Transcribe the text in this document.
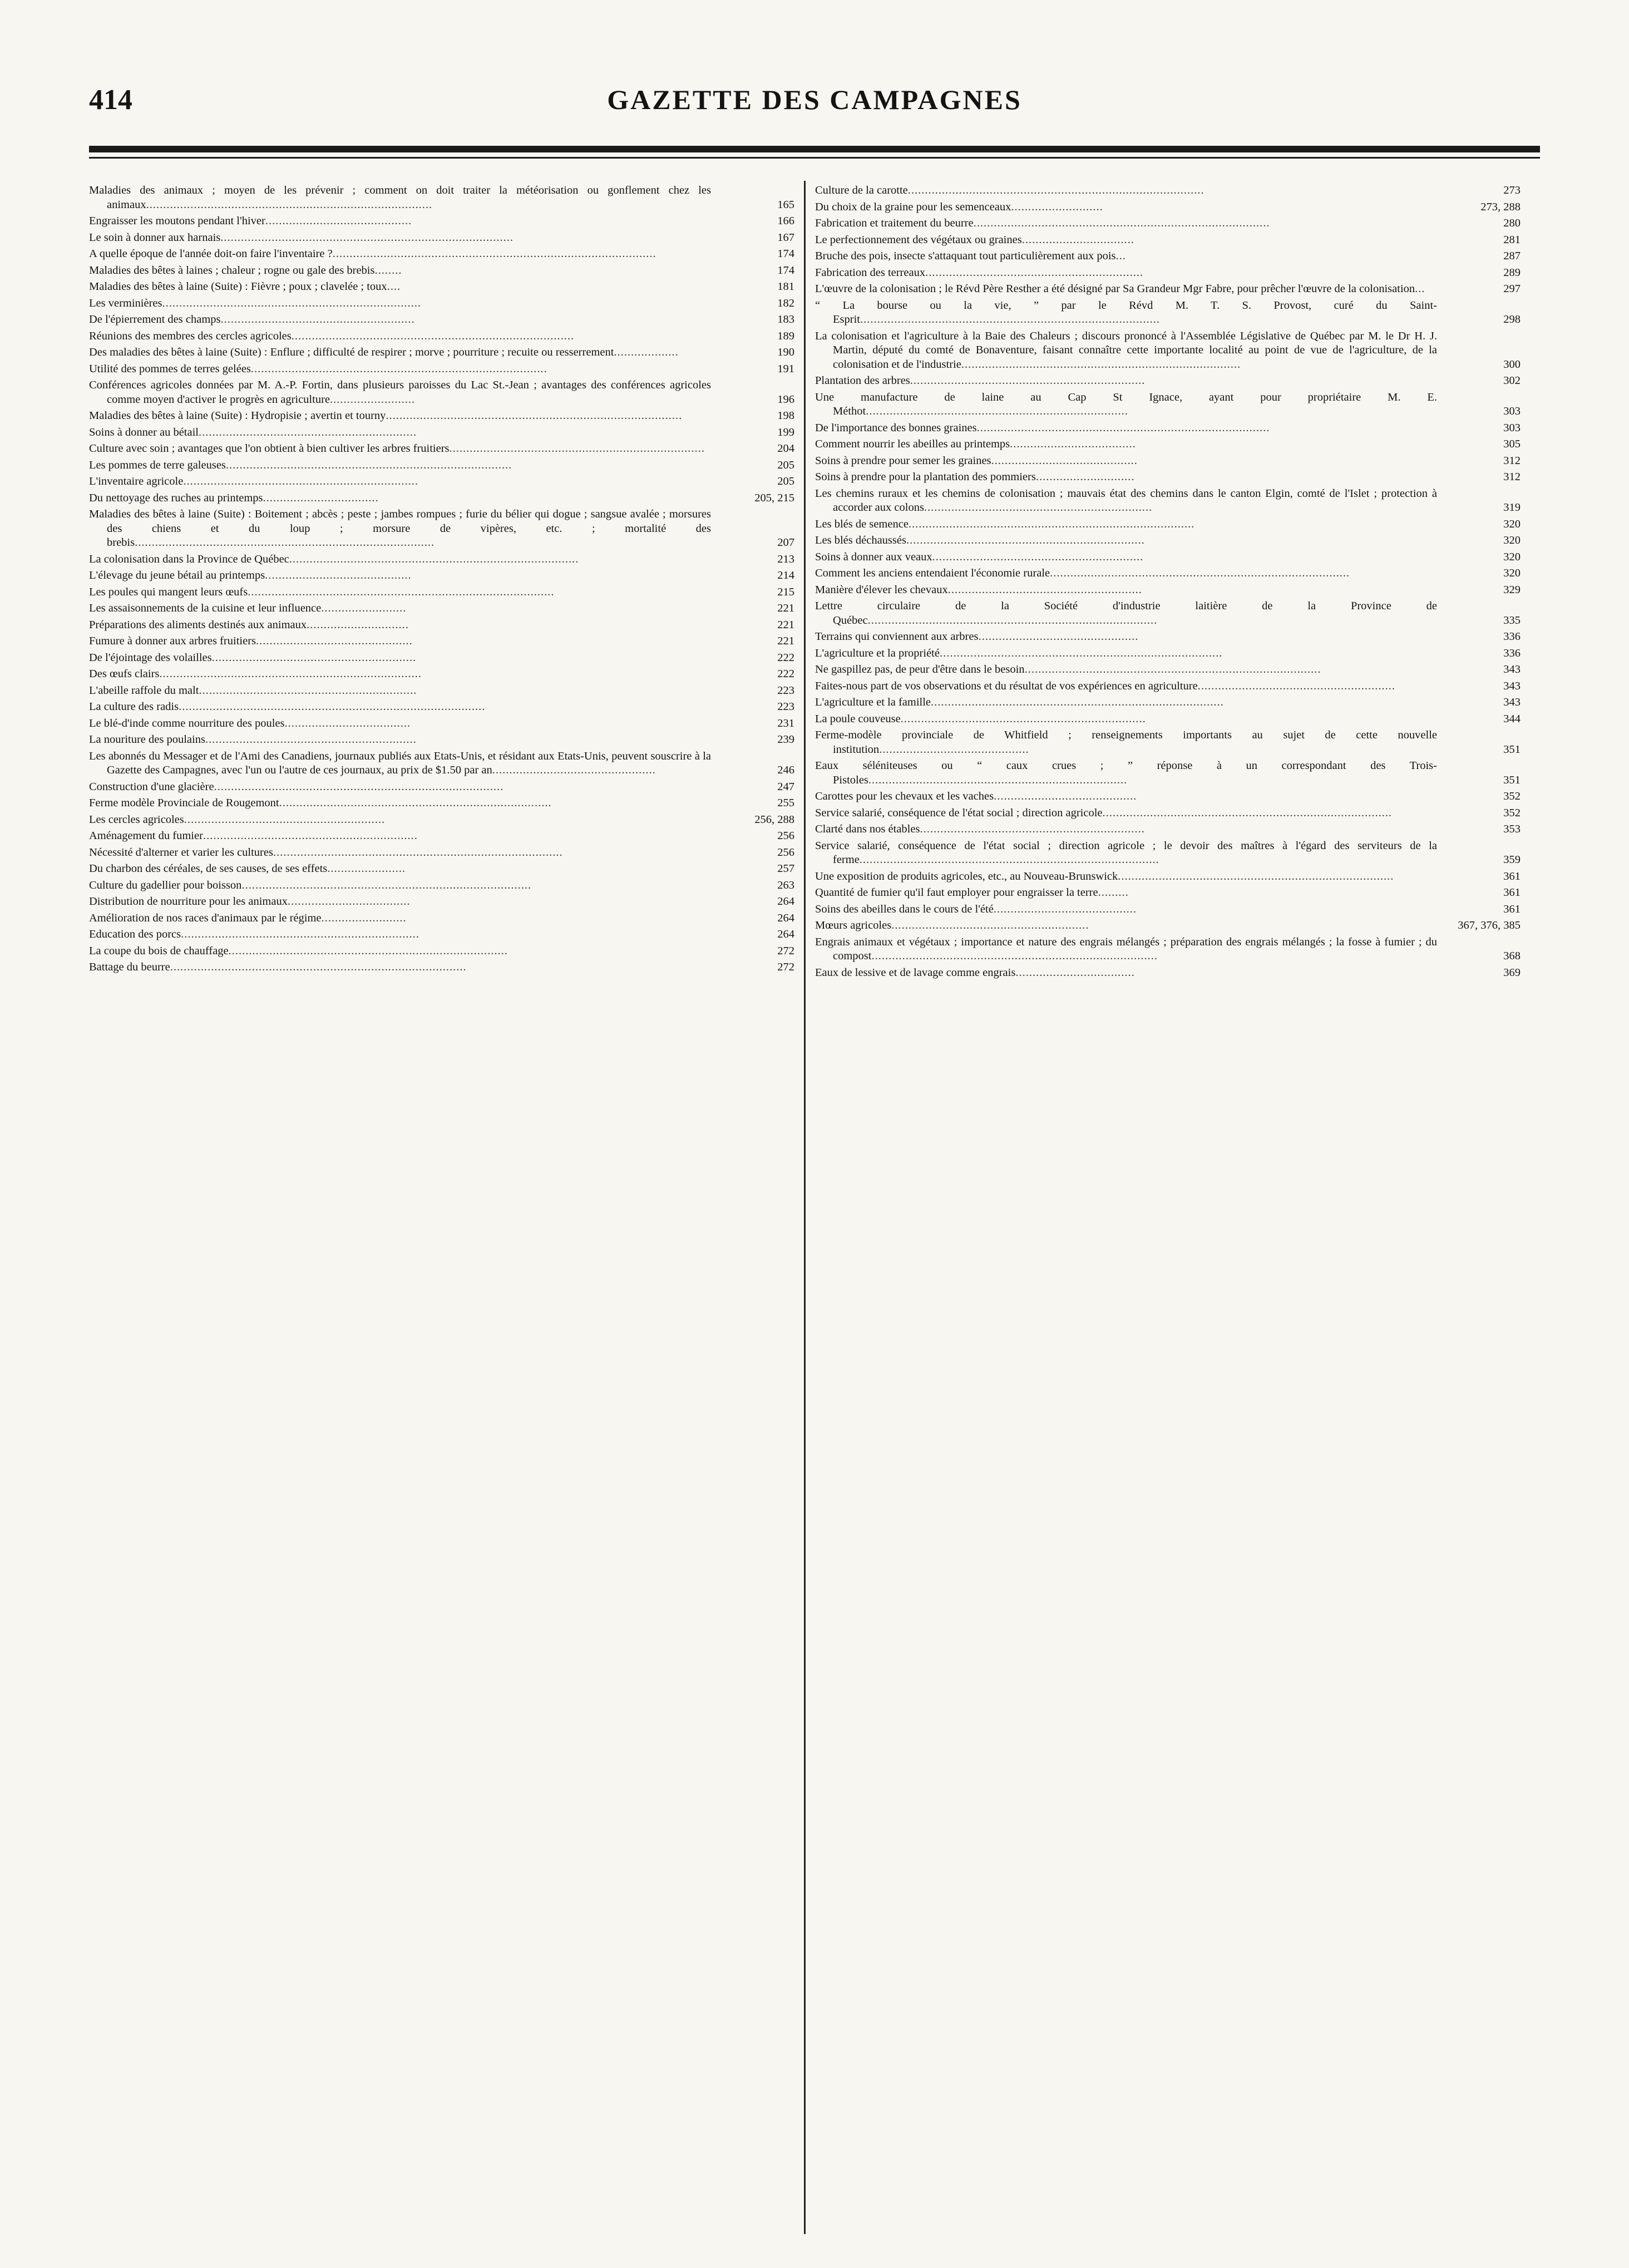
414	GAZETTE DES CAMPAGNES
Maladies des animaux ; moyen de les prévenir ; comment on doit traiter la météorisation ou gonflement chez les animaux....................................................................................	165
Engraisser les moutons pendant l'hiver...........................................	166
Le soin à donner aux harnais......................................................................................	167
A quelle époque de l'année doit-on faire l'inventaire ?...............................................................................................	174
Maladies des bêtes à laines ; chaleur ; rogne ou gale des brebis........	174
Maladies des bêtes à laine (Suite) : Fièvre ; poux ; clavelée ; toux....	181
Les verminières............................................................................	182
De l'épierrement des champs.........................................................	183
Réunions des membres des cercles agricoles...................................................................................	189
Des maladies des bêtes à laine (Suite) : Enflure ; difficulté de respirer ; morve ; pourriture ; recuite ou resserrement...................	190
Utilité des pommes de terres gelées.......................................................................................	191
Conférences agricoles données par M. A.-P. Fortin, dans plusieurs paroisses du Lac St.-Jean ; avantages des conférences agricoles comme moyen d'activer le progrès en agriculture.........................	196
Maladies des bêtes à laine (Suite) : Hydropisie ; avertin et tourny.......................................................................................	198
Soins à donner au bétail................................................................	199
Culture avec soin ; avantages que l'on obtient à bien cultiver les arbres fruitiers...........................................................................	204
Les pommes de terre galeuses....................................................................................	205
L'inventaire agricole.....................................................................	205
Du nettoyage des ruches au printemps..................................	205, 215
Maladies des bêtes à laine (Suite) : Boitement ; abcès ; peste ; jambes rompues ; furie du bélier qui dogue ; sangsue avalée ; morsures des chiens et du loup ; morsure de vipères, etc. ; mortalité des brebis........................................................................................	207
La colonisation dans la Province de Québec.....................................................................................	213
L'élevage du jeune bétail au printemps...........................................	214
Les poules qui mangent leurs œufs..........................................................................................	215
Les assaisonnements de la cuisine et leur influence.........................	221
Préparations des aliments destinés aux animaux..............................	221
Fumure à donner aux arbres fruitiers..............................................	221
De l'éjointage des volailles............................................................	222
Des œufs clairs.............................................................................	222
L'abeille raffole du malt................................................................	223
La culture des radis..........................................................................................	223
Le blé-d'inde comme nourriture des poules.....................................	231
La nouriture des poulains..............................................................	239
Les abonnés du Messager et de l'Ami des Canadiens, journaux publiés aux Etats-Unis, et résidant aux Etats-Unis, peuvent souscrire à la Gazette des Campagnes, avec l'un ou l'autre de ces journaux, au prix de $1.50 par an................................................	246
Construction d'une glacière.....................................................................................	247
Ferme modèle Provinciale de Rougemont................................................................................	255
Les cercles agricoles...........................................................	256, 288
Aménagement du fumier...............................................................	256
Nécessité d'alterner et varier les cultures.....................................................................................	256
Du charbon des céréales, de ses causes, de ses effets.......................	257
Culture du gadellier pour boisson.....................................................................................	263
Distribution de nourriture pour les animaux....................................	264
Amélioration de nos races d'animaux par le régime.........................	264
Education des porcs......................................................................	264
La coupe du bois de chauffage..................................................................................	272
Battage du beurre.......................................................................................	272
Culture de la carotte.......................................................................................	273
Du choix de la graine pour les semenceaux...........................	273, 288
Fabrication et traitement du beurre.......................................................................................	280
Le perfectionnement des végétaux ou graines.................................	281
Bruche des pois, insecte s'attaquant tout particulièrement aux pois...	287
Fabrication des terreaux................................................................	289
L'œuvre de la colonisation ; le Révd Père Resther a été désigné par Sa Grandeur Mgr Fabre, pour prêcher l'œuvre de la colonisation...	297
“ La bourse ou la vie, ” par le Révd M. T. S. Provost, curé du Saint-Esprit........................................................................................	298
La colonisation et l'agriculture à la Baie des Chaleurs ; discours prononcé à l'Assemblée Législative de Québec par M. le Dr H. J. Martin, député du comté de Bonaventure, faisant connaître cette importante localité au point de vue de l'agriculture, de la colonisation et de l'industrie..................................................................................	300
Plantation des arbres.....................................................................	302
Une manufacture de laine au Cap St Ignace, ayant pour propriétaire M. E. Méthot.............................................................................	303
De l'importance des bonnes graines......................................................................................	303
Comment nourrir les abeilles au printemps.....................................	305
Soins à prendre pour semer les graines...........................................	312
Soins à prendre pour la plantation des pommiers.............................	312
Les chemins ruraux et les chemins de colonisation ; mauvais état des chemins dans le canton Elgin, comté de l'Islet ; protection à accorder aux colons...................................................................	319
Les blés de semence....................................................................................	320
Les blés déchaussés......................................................................	320
Soins à donner aux veaux..............................................................	320
Comment les anciens entendaient l'économie rurale........................................................................................	320
Manière d'élever les chevaux.........................................................	329
Lettre circulaire de la Société d'industrie laitière de la Province de Québec.....................................................................................	335
Terrains qui conviennent aux arbres...............................................	336
L'agriculture et la propriété...................................................................................	336
Ne gaspillez pas, de peur d'être dans le besoin.......................................................................................	343
Faites-nous part de vos observations et du résultat de vos expériences en agriculture..........................................................	343
L'agriculture et la famille......................................................................................	343
La poule couveuse........................................................................	344
Ferme-modèle provinciale de Whitfield ; renseignements importants au sujet de cette nouvelle institution............................................	351
Eaux séléniteuses ou “ caux crues ; ” réponse à un correspondant des Trois-Pistoles............................................................................	351
Carottes pour les chevaux et les vaches..........................................	352
Service salarié, conséquence de l'état social ; direction agricole.....................................................................................	352
Clarté dans nos étables..................................................................	353
Service salarié, conséquence de l'état social ; direction agricole ; le devoir des maîtres à l'égard des serviteurs de la ferme........................................................................................	359
Une exposition de produits agricoles, etc., au Nouveau-Brunswick.................................................................................	361
Quantité de fumier qu'il faut employer pour engraisser la terre.........	361
Soins des abeilles dans le cours de l'été..........................................	361
Mœurs agricoles..........................................................	367, 376, 385
Engrais animaux et végétaux ; importance et nature des engrais mélangés ; préparation des engrais mélangés ; la fosse à fumier ; du compost....................................................................................	368
Eaux de lessive et de lavage comme engrais...................................	369
